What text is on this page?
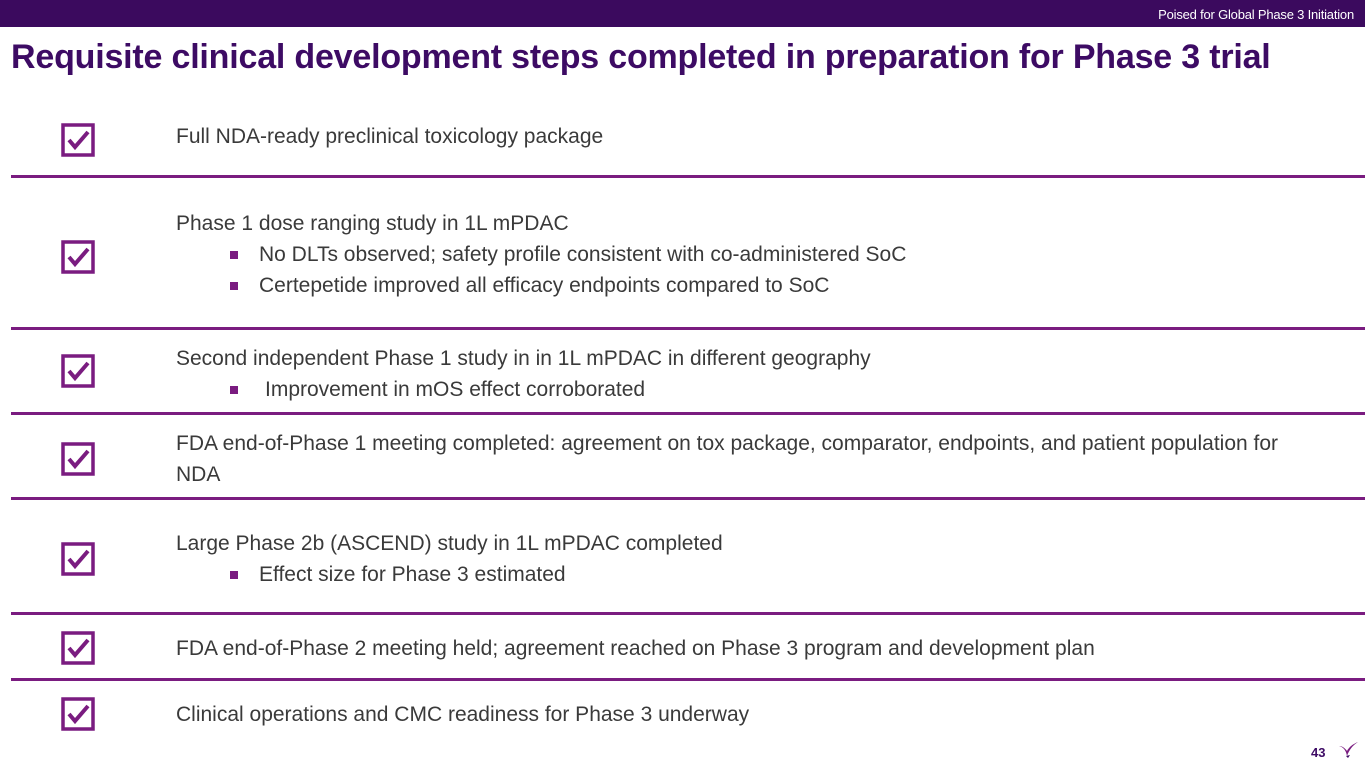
Poised for Global Phase 3 Initiation
Requisite clinical development steps completed in preparation for Phase 3 trial
Full NDA-ready preclinical toxicology package
Phase 1 dose ranging study in 1L mPDAC
No DLTs observed; safety profile consistent with co-administered SoC
Certepetide improved all efficacy endpoints compared to SoC
Second independent Phase 1 study in in 1L mPDAC in different geography
Improvement in mOS effect corroborated
FDA end-of-Phase 1 meeting completed: agreement on tox package, comparator, endpoints, and patient population for NDA
Large Phase 2b (ASCEND) study in 1L mPDAC completed
Effect size for Phase 3 estimated
FDA end-of-Phase 2 meeting held; agreement reached on Phase 3 program and development plan
Clinical operations and CMC readiness for Phase 3 underway
43
